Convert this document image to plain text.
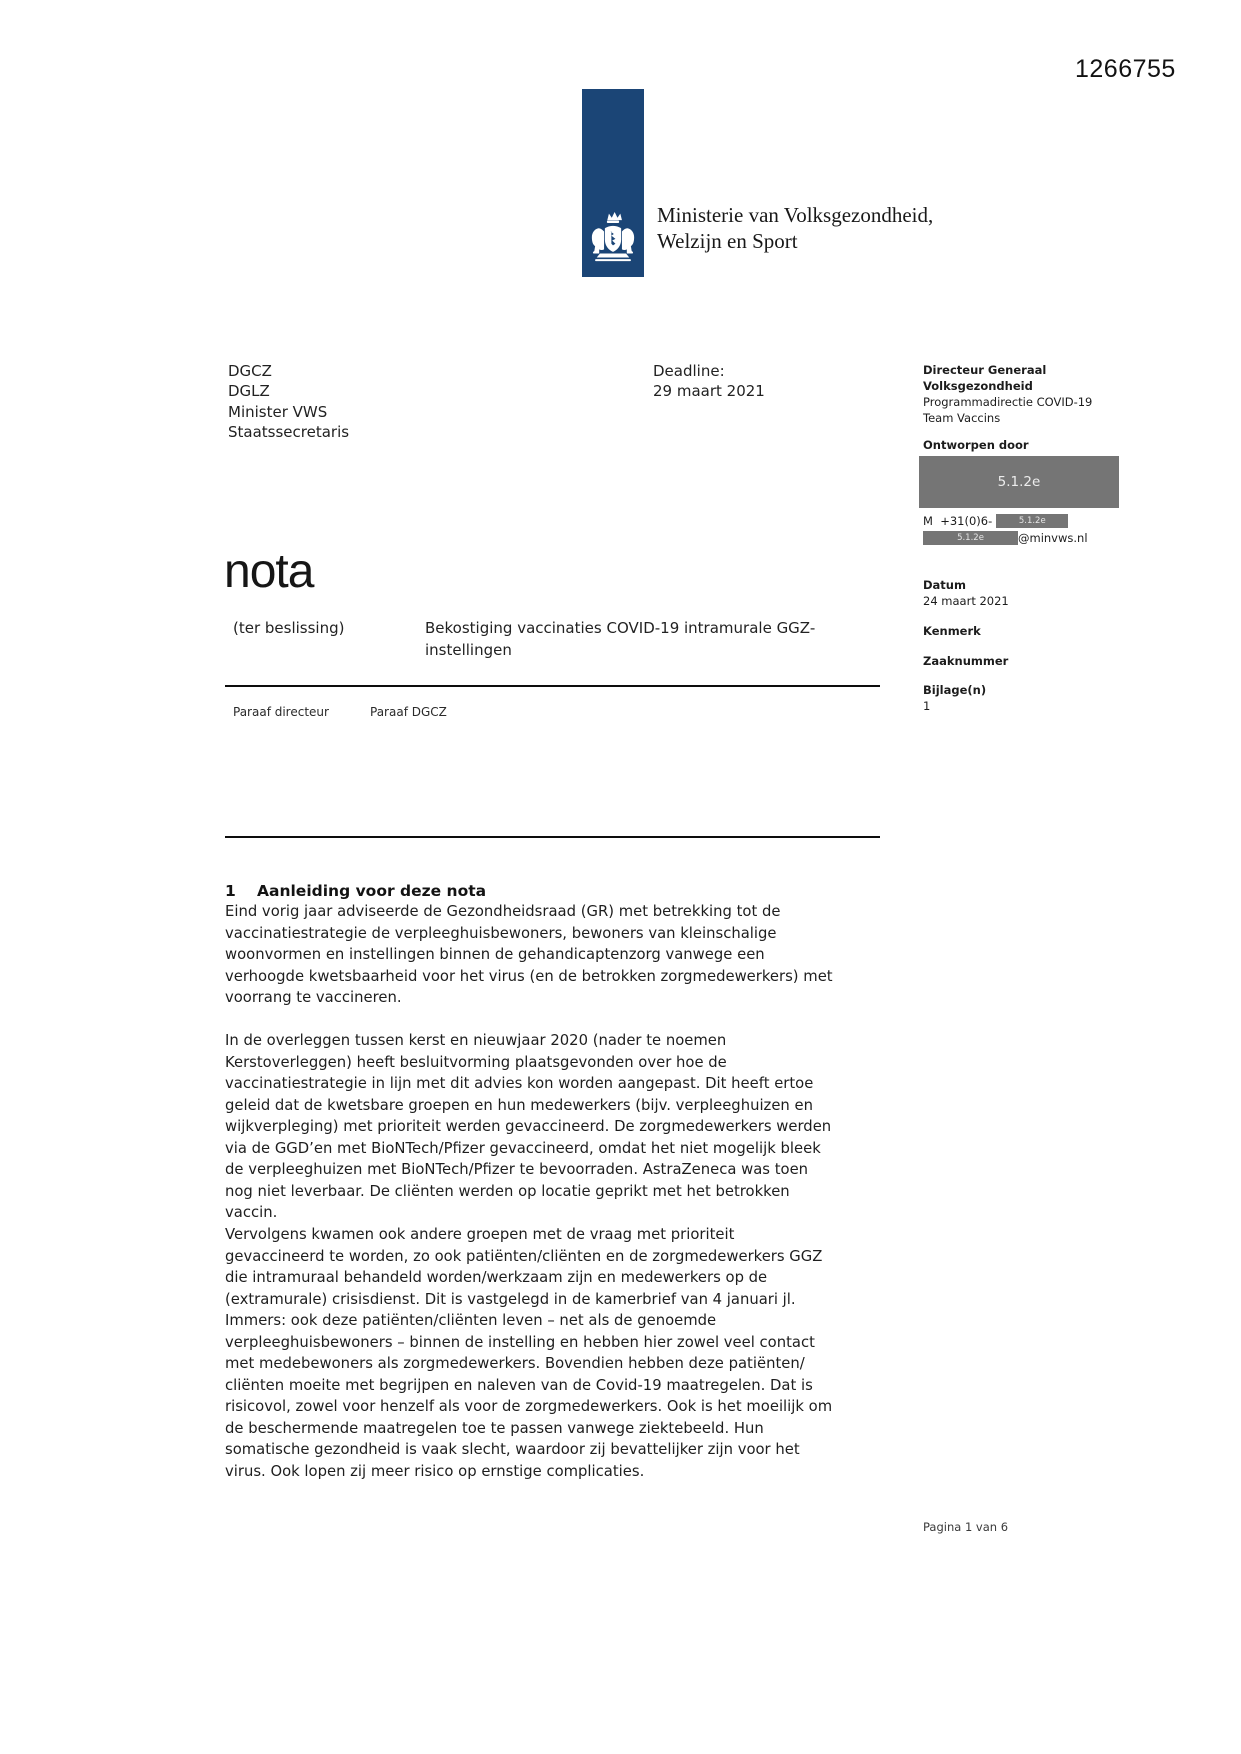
1266755
Ministerie van Volksgezondheid,
Welzijn en Sport
DGCZ
DGLZ
Minister VWS
Staatssecretaris
Deadline:
29 maart 2021
Directeur Generaal
Volksgezondheid
Programmadirectie COVID-19
Team Vaccins
Ontworpen door
5.1.2e
M  +31(0)6-	5.1.2e
5.1.2e	@minvws.nl
Datum
24 maart 2021
Kenmerk
Zaaknummer
Bijlage(n)
1
nota
(ter beslissing)	Bekostiging vaccinaties COVID-19 intramurale GGZ-instellingen
Paraaf directeur	Paraaf DGCZ
1 Aanleiding voor deze nota
Eind vorig jaar adviseerde de Gezondheidsraad (GR) met betrekking tot de vaccinatiestrategie de verpleeghuisbewoners, bewoners van kleinschalige woonvormen en instellingen binnen de gehandicaptenzorg vanwege een verhoogde kwetsbaarheid voor het virus (en de betrokken zorgmedewerkers) met voorrang te vaccineren.
In de overleggen tussen kerst en nieuwjaar 2020 (nader te noemen Kerstoverleggen) heeft besluitvorming plaatsgevonden over hoe de vaccinatiestrategie in lijn met dit advies kon worden aangepast. Dit heeft ertoe geleid dat de kwetsbare groepen en hun medewerkers (bijv. verpleeghuizen en wijkverpleging) met prioriteit werden gevaccineerd. De zorgmedewerkers werden via de GGD’en met BioNTech/Pfizer gevaccineerd, omdat het niet mogelijk bleek de verpleeghuizen met BioNTech/Pfizer te bevoorraden. AstraZeneca was toen nog niet leverbaar. De cliënten werden op locatie geprikt met het betrokken vaccin.
Vervolgens kwamen ook andere groepen met de vraag met prioriteit gevaccineerd te worden, zo ook patiënten/cliënten en de zorgmedewerkers GGZ die intramuraal behandeld worden/werkzaam zijn en medewerkers op de (extramurale) crisisdienst. Dit is vastgelegd in de kamerbrief van 4 januari jl. Immers: ook deze patiënten/cliënten leven – net als de genoemde verpleeghuisbewoners – binnen de instelling en hebben hier zowel veel contact met medebewoners als zorgmedewerkers. Bovendien hebben deze patiënten/ cliënten moeite met begrijpen en naleven van de Covid-19 maatregelen. Dat is risicovol, zowel voor henzelf als voor de zorgmedewerkers. Ook is het moeilijk om de beschermende maatregelen toe te passen vanwege ziektebeeld. Hun somatische gezondheid is vaak slecht, waardoor zij bevattelijker zijn voor het virus. Ook lopen zij meer risico op ernstige complicaties.
Pagina 1 van 6
